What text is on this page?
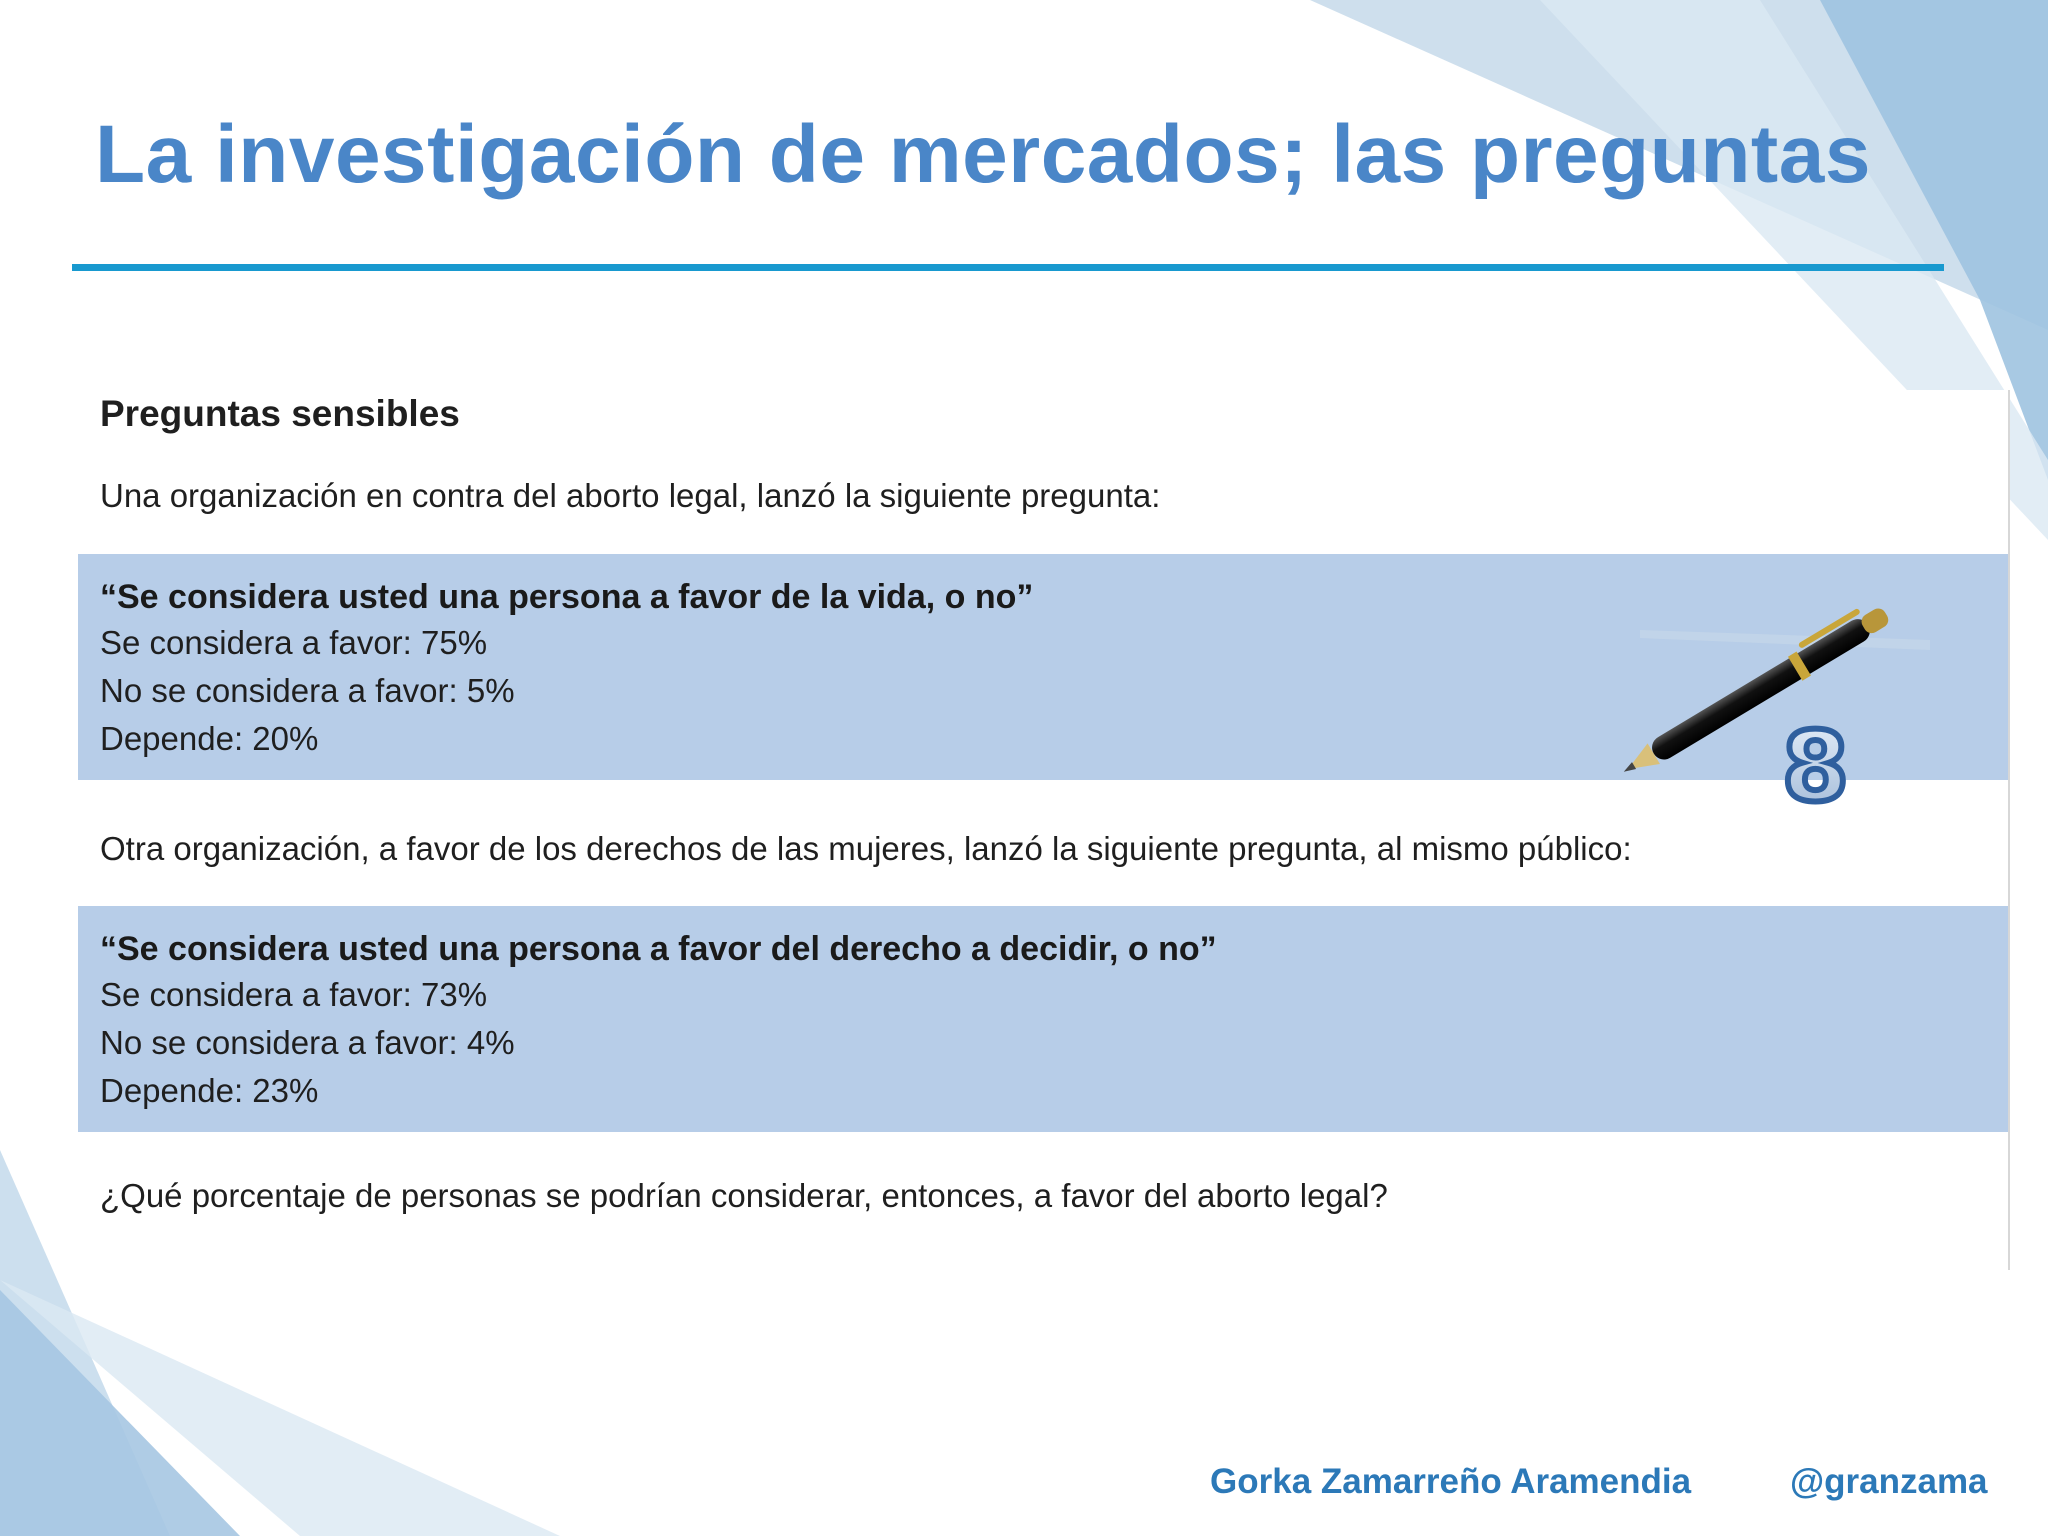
La investigación de mercados; las preguntas

Preguntas sensibles

Una organización en contra del aborto legal, lanzó la siguiente pregunta:

“Se considera usted una persona a favor de la vida, o no”

Se considera a favor: 75%

No se considera a favor: 5%

Depende: 20%	8

Otra organización, a favor de los derechos de las mujeres, lanzó la siguiente pregunta, al mismo público:

“Se considera usted una persona a favor del derecho a decidir, o no”

Se considera a favor: 73%

No se considera a favor: 4%

Depende: 23%

¿Qué porcentaje de personas se podrían considerar, entonces, a favor del aborto legal?

Gorka Zamarreño Aramendia	@granzama
